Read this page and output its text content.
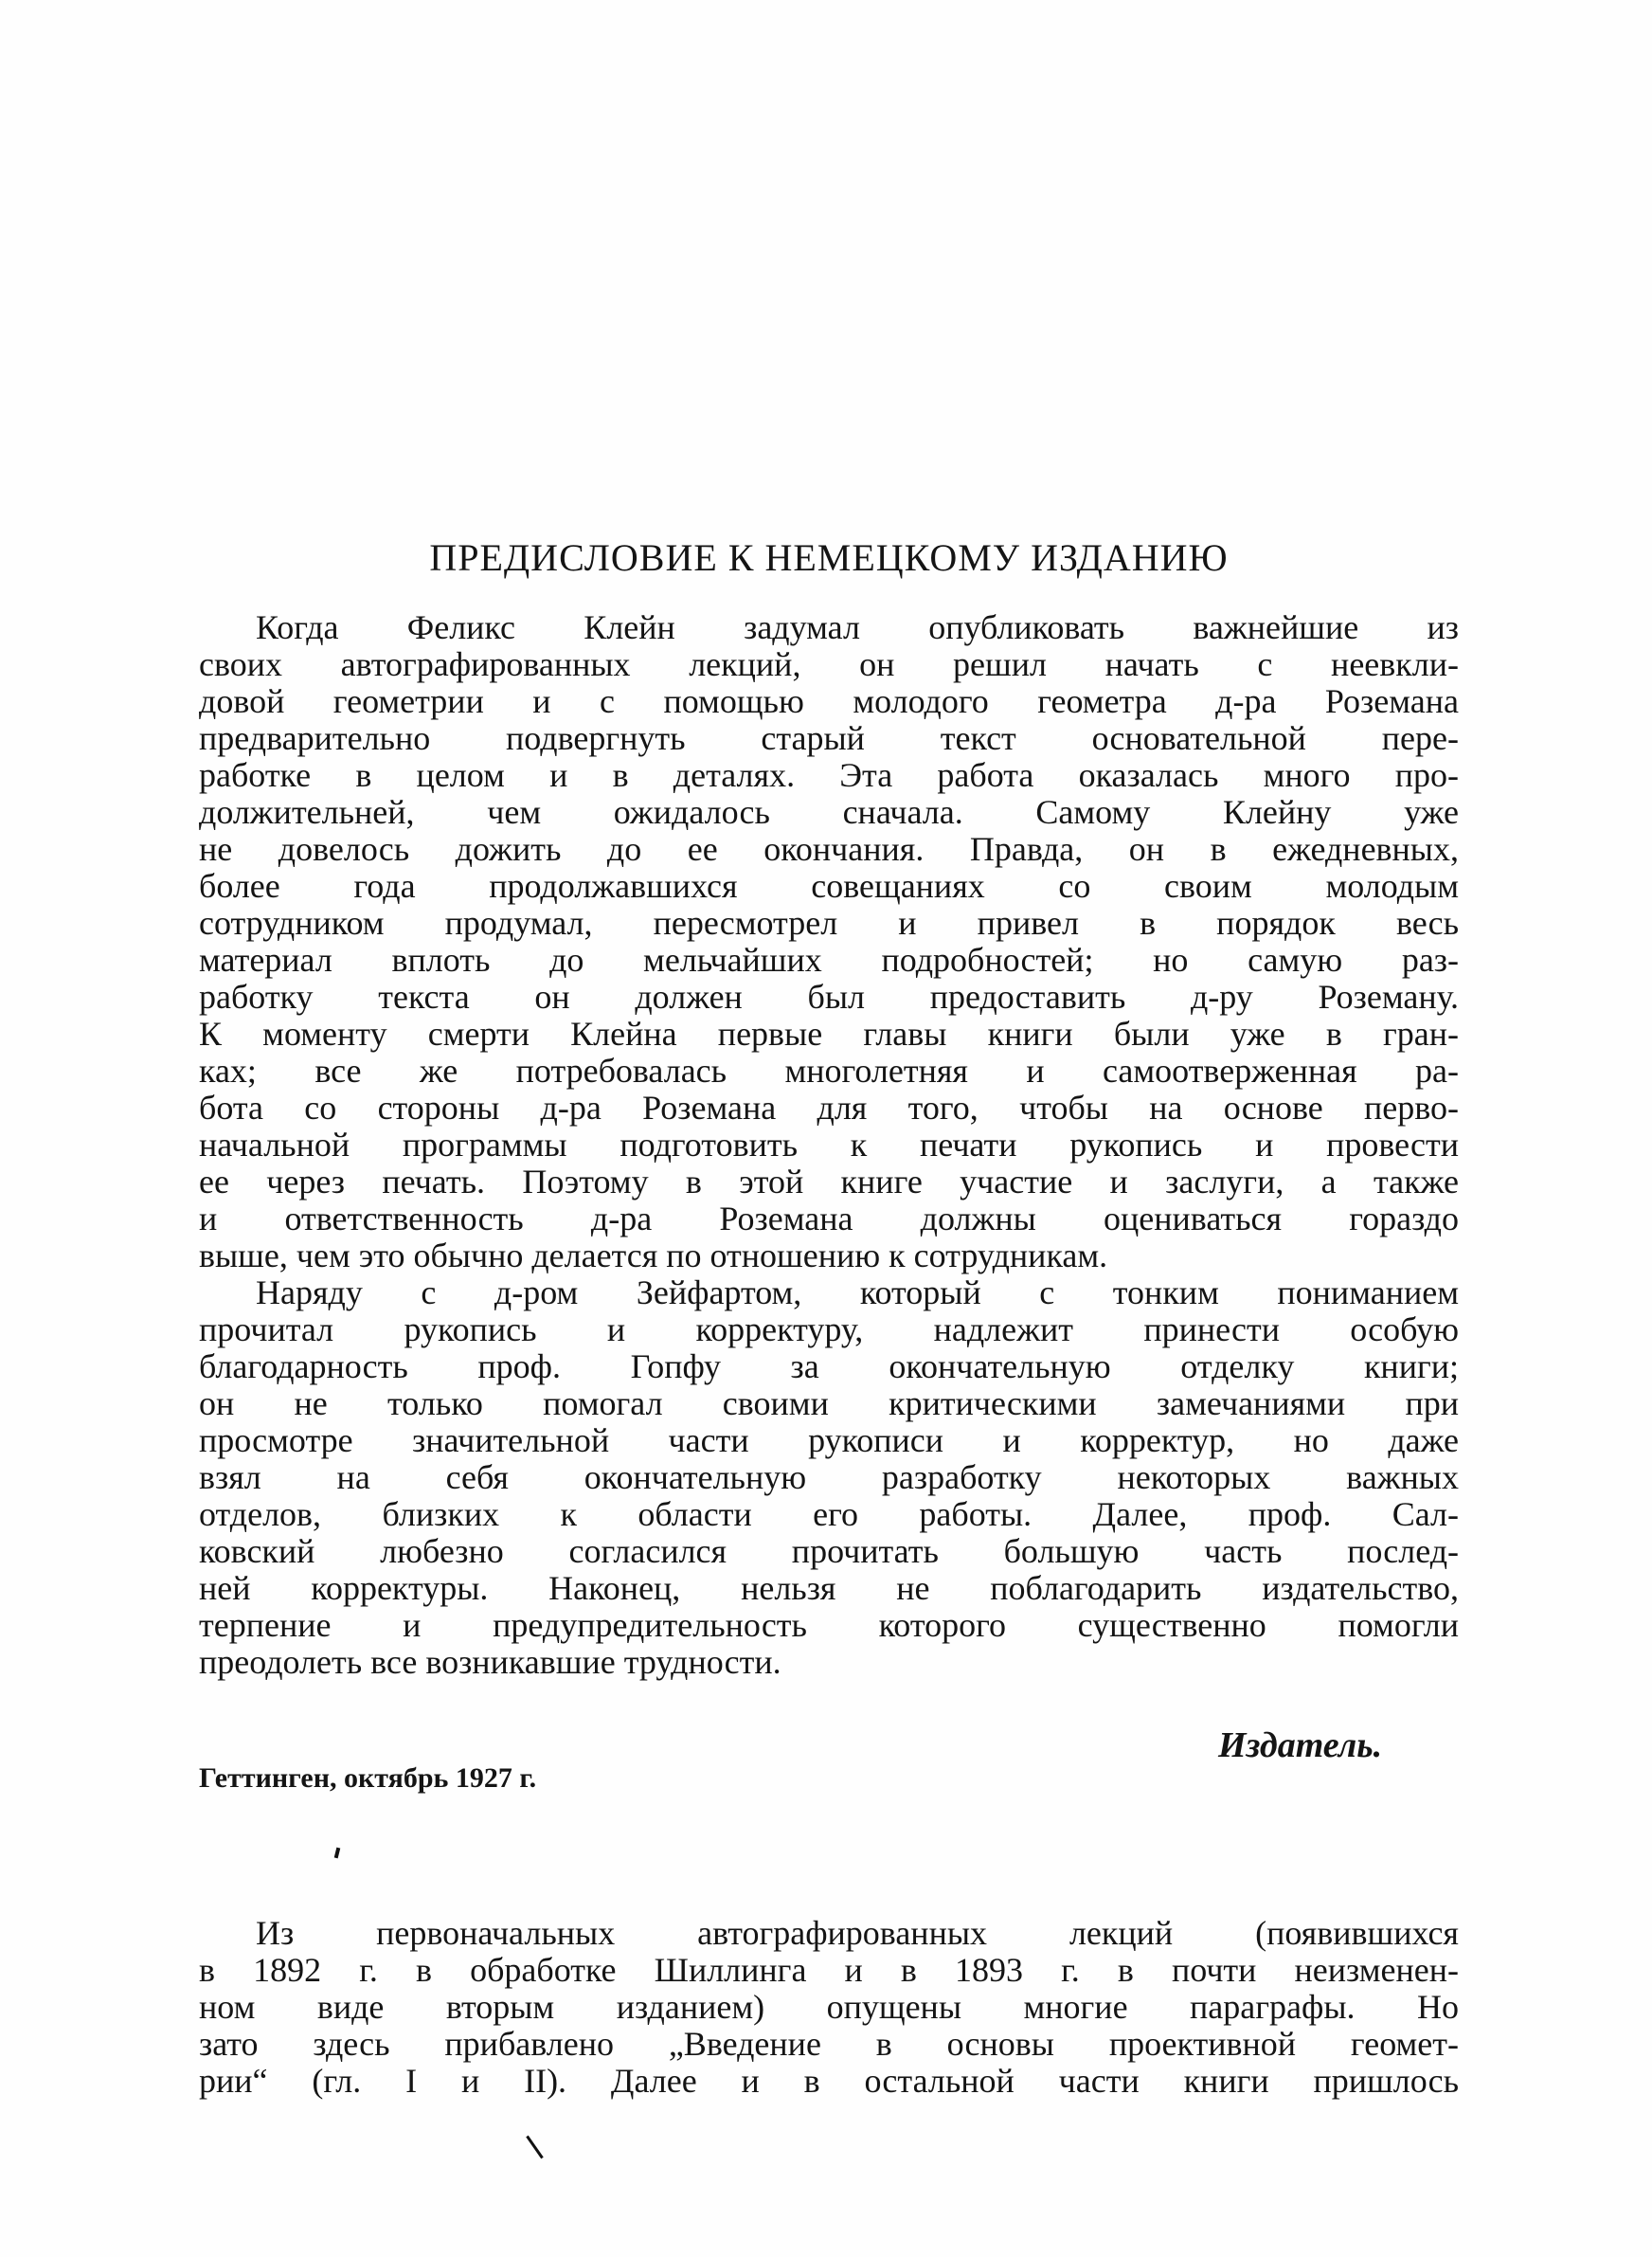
ПРЕДИСЛОВИЕ К НЕМЕЦКОМУ ИЗДАНИЮ
Когда Феликс Клейн задумал опубликовать важнейшие из
своих автографированных лекций, он решил начать с неевкли-
довой геометрии и с помощью молодого геометра д-ра Роземана
предварительно подвергнуть старый текст основательной пере-
работке в целом и в деталях. Эта работа оказалась много про-
должительней, чем ожидалось сначала. Самому Клейну уже
не довелось дожить до ее окончания. Правда, он в ежедневных,
более года продолжавшихся совещаниях со своим молодым
сотрудником продумал, пересмотрел и привел в порядок весь
материал вплоть до мельчайших подробностей; но самую раз-
работку текста он должен был предоставить д-ру Роземану.
К моменту смерти Клейна первые главы книги были уже в гран-
ках; все же потребовалась многолетняя и самоотверженная ра-
бота со стороны д-ра Роземана для того, чтобы на основе перво-
начальной программы подготовить к печати рукопись и провести
ее через печать. Поэтому в этой книге участие и заслуги, а также
и ответственность д-ра Роземана должны оцениваться гораздо
выше, чем это обычно делается по отношению к сотрудникам.
Наряду с д-ром Зейфартом, который с тонким пониманием
прочитал рукопись и корректуру, надлежит принести особую
благодарность проф. Гопфу за окончательную отделку книги;
он не только помогал своими критическими замечаниями при
просмотре значительной части рукописи и корректур, но даже
взял на себя окончательную разработку некоторых важных
отделов, близких к области его работы. Далее, проф. Сал-
ковский любезно согласился прочитать большую часть послед-
ней корректуры. Наконец, нельзя не поблагодарить издательство,
терпение и предупредительность которого существенно помогли
преодолеть все возникавшие трудности.
Издатель.
Геттинген, октябрь 1927 г.
Из первоначальных автографированных лекций (появившихся
в 1892 г. в обработке Шиллинга и в 1893 г. в почти неизменен-
ном виде вторым изданием) опущены многие параграфы. Но
зато здесь прибавлено „Введение в основы проективной геомет-
рии“ (гл. I и II). Далее и в остальной части книги пришлось
